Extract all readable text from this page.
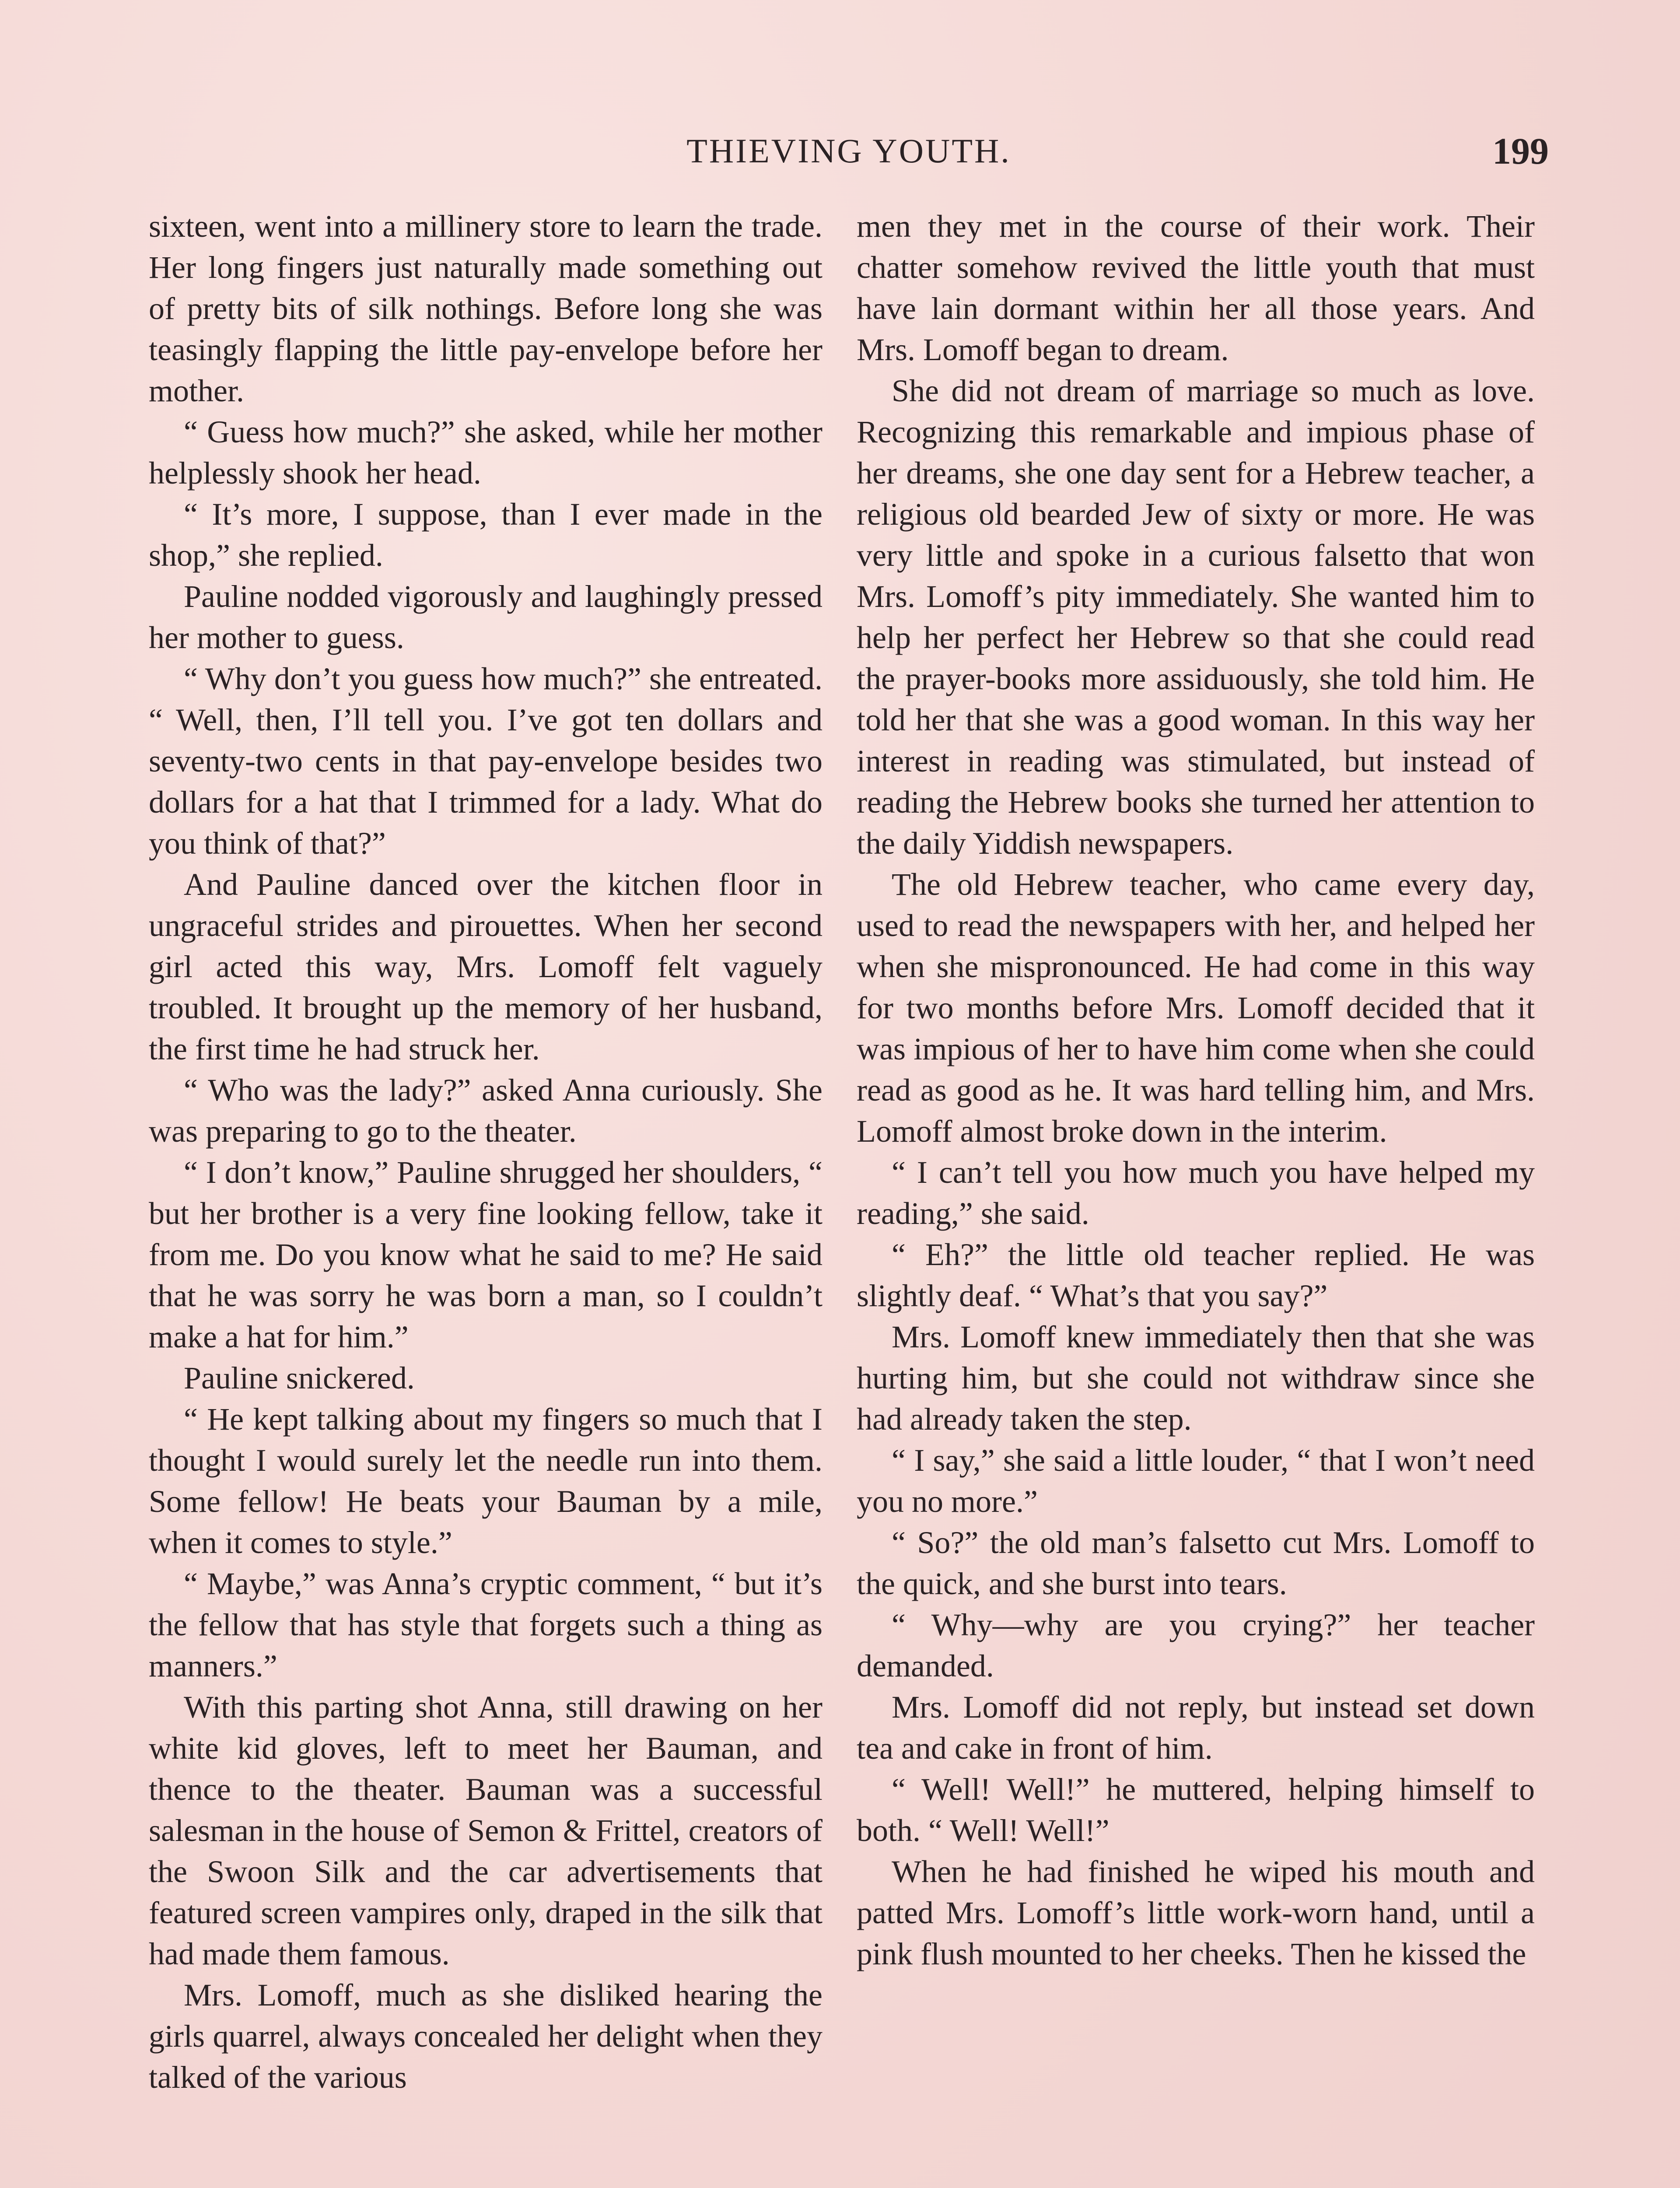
THIEVING YOUTH.	199

sixteen, went into a millinery store to learn the trade. Her long fingers just naturally made something out of pretty bits of silk nothings. Before long she was teasingly flapping the little pay-envelope before her mother.

“ Guess how much?” she asked, while her mother helplessly shook her head.

“ It’s more, I suppose, than I ever made in the shop,” she replied.

Pauline nodded vigorously and laughingly pressed her mother to guess.

“ Why don’t you guess how much?” she entreated. “ Well, then, I’ll tell you. I’ve got ten dollars and seventy-two cents in that pay-envelope besides two dollars for a hat that I trimmed for a lady. What do you think of that?”

And Pauline danced over the kitchen floor in ungraceful strides and pirouettes. When her second girl acted this way, Mrs. Lomoff felt vaguely troubled. It brought up the memory of her husband, the first time he had struck her.

“ Who was the lady?” asked Anna curiously. She was preparing to go to the theater.

“ I don’t know,” Pauline shrugged her shoulders, “ but her brother is a very fine looking fellow, take it from me. Do you know what he said to me? He said that he was sorry he was born a man, so I couldn’t make a hat for him.”

Pauline snickered.

“ He kept talking about my fingers so much that I thought I would surely let the needle run into them. Some fellow! He beats your Bauman by a mile, when it comes to style.”

“ Maybe,” was Anna’s cryptic comment, “ but it’s the fellow that has style that forgets such a thing as manners.”

With this parting shot Anna, still drawing on her white kid gloves, left to meet her Bauman, and thence to the theater. Bauman was a successful salesman in the house of Semon & Frittel, creators of the Swoon Silk and the car advertisements that featured screen vampires only, draped in the silk that had made them famous.

Mrs. Lomoff, much as she disliked hearing the girls quarrel, always concealed her delight when they talked of the various

men they met in the course of their work. Their chatter somehow revived the little youth that must have lain dormant within her all those years. And Mrs. Lomoff began to dream.

She did not dream of marriage so much as love. Recognizing this remarkable and impious phase of her dreams, she one day sent for a Hebrew teacher, a religious old bearded Jew of sixty or more. He was very little and spoke in a curious falsetto that won Mrs. Lomoff’s pity immediately. She wanted him to help her perfect her Hebrew so that she could read the prayer-books more assiduously, she told him. He told her that she was a good woman. In this way her interest in reading was stimulated, but instead of reading the Hebrew books she turned her attention to the daily Yiddish newspapers.

The old Hebrew teacher, who came every day, used to read the newspapers with her, and helped her when she mispronounced. He had come in this way for two months before Mrs. Lomoff decided that it was impious of her to have him come when she could read as good as he. It was hard telling him, and Mrs. Lomoff almost broke down in the interim.

“ I can’t tell you how much you have helped my reading,” she said.

“ Eh?” the little old teacher replied. He was slightly deaf. “ What’s that you say?”

Mrs. Lomoff knew immediately then that she was hurting him, but she could not withdraw since she had already taken the step.

“ I say,” she said a little louder, “ that I won’t need you no more.”

“ So?” the old man’s falsetto cut Mrs. Lomoff to the quick, and she burst into tears.

“ Why—why are you crying?” her teacher demanded.

Mrs. Lomoff did not reply, but instead set down tea and cake in front of him.

“ Well! Well!” he muttered, helping himself to both. “ Well! Well!”

When he had finished he wiped his mouth and patted Mrs. Lomoff’s little work-worn hand, until a pink flush mounted to her cheeks. Then he kissed the
